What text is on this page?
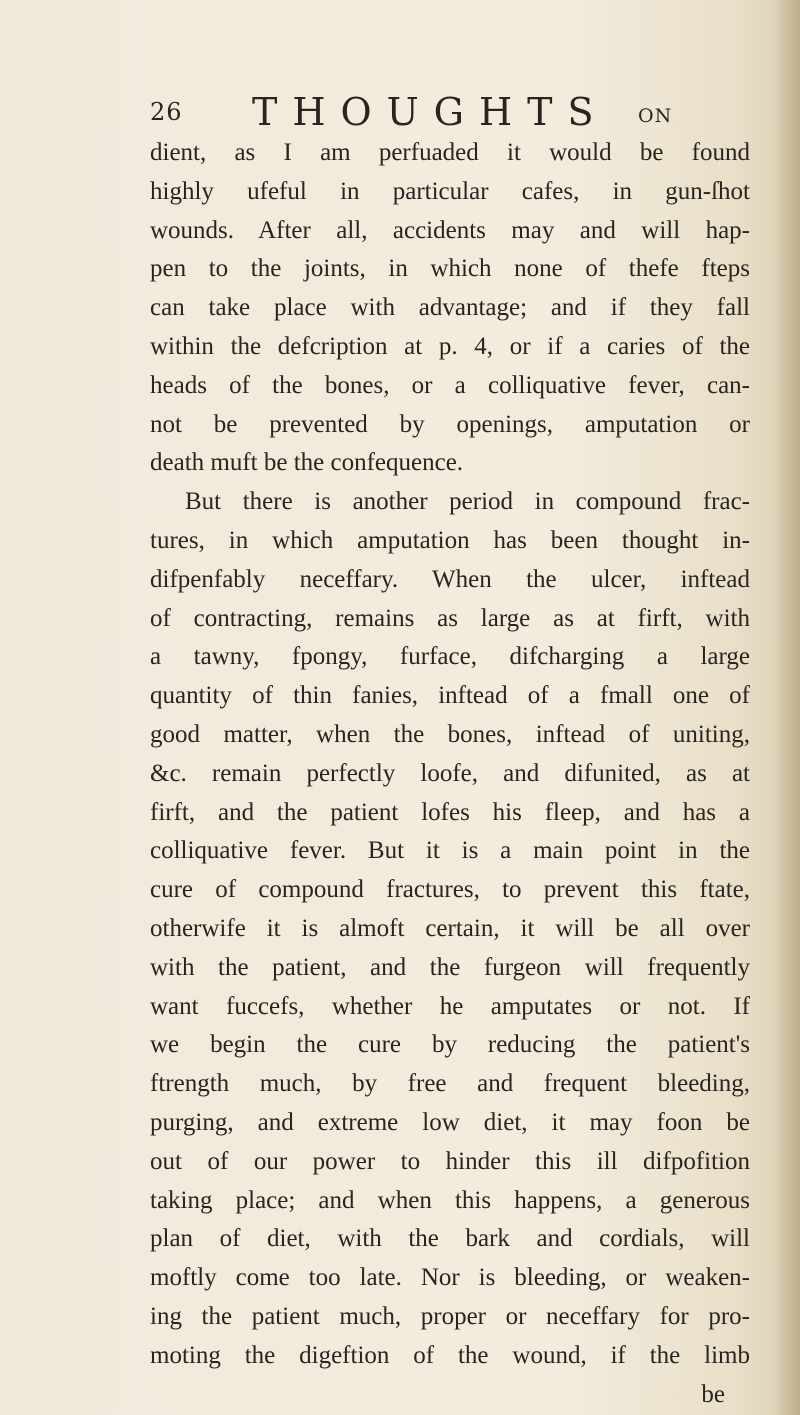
26 THOUGHTS ON
dient, as I am perfuaded it would be found
highly ufeful in particular cafes, in gun-ſhot
wounds. After all, accidents may and will hap-
pen to the joints, in which none of thefe fteps
can take place with advantage; and if they fall
within the defcription at p. 4, or if a caries of the
heads of the bones, or a colliquative fever, can-
not be prevented by openings, amputation or
death muft be the confequence.
But there is another period in compound frac-
tures, in which amputation has been thought in-
difpenfably neceffary. When the ulcer, inftead
of contracting, remains as large as at firft, with
a tawny, fpongy, furface, difcharging a large
quantity of thin fanies, inftead of a fmall one of
good matter, when the bones, inftead of uniting,
&c. remain perfectly loofe, and difunited, as at
firft, and the patient lofes his fleep, and has a
colliquative fever. But it is a main point in the
cure of compound fractures, to prevent this ftate,
otherwife it is almoft certain, it will be all over
with the patient, and the furgeon will frequently
want fuccefs, whether he amputates or not. If
we begin the cure by reducing the patient's
ftrength much, by free and frequent bleeding,
purging, and extreme low diet, it may foon be
out of our power to hinder this ill difpofition
taking place; and when this happens, a generous
plan of diet, with the bark and cordials, will
moftly come too late. Nor is bleeding, or weaken-
ing the patient much, proper or neceffary for pro-
moting the digeftion of the wound, if the limb
be
